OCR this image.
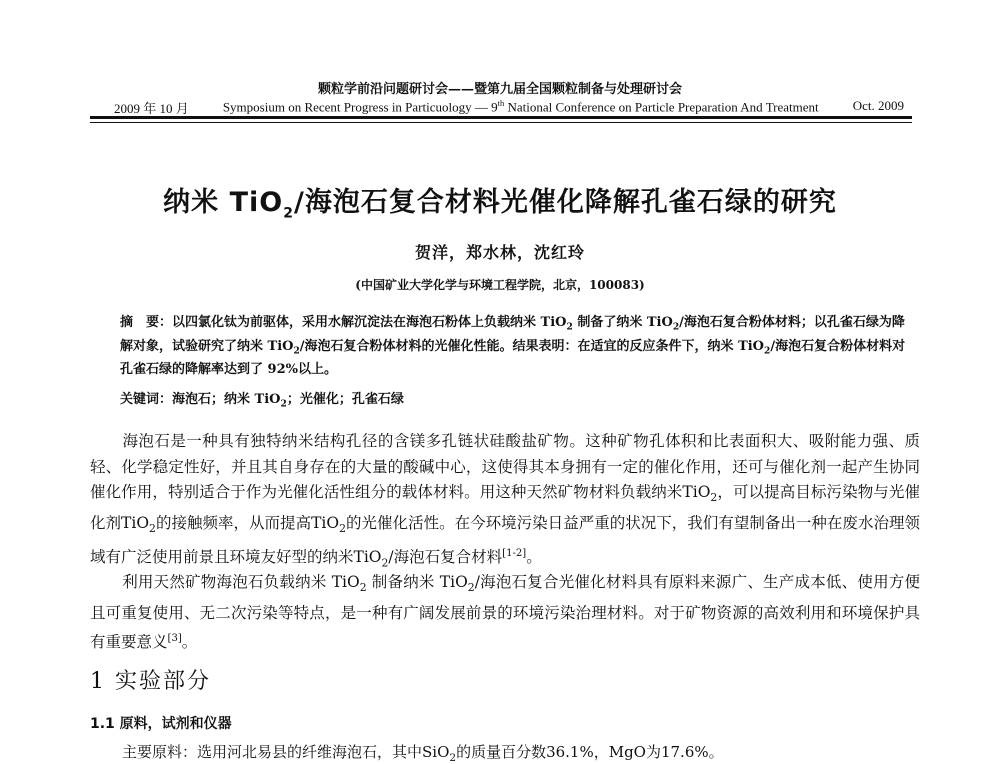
颗粒学前沿问题研讨会——暨第九届全国颗粒制备与处理研讨会
2009 年 10 月	Symposium on Recent Progress in Particuology — 9th National Conference on Particle Preparation And Treatment	Oct. 2009
纳米 TiO$_2$/海泡石复合材料光催化降解孔雀石绿的研究
贺洋，郑水林，沈红玲
(中国矿业大学化学与环境工程学院，北京，100083)
摘　要：以四氯化钛为前驱体，采用水解沉淀法在海泡石粉体上负载纳米 TiO$_2$ 制备了纳米 TiO$_2$/海泡石复合粉体材料；以孔雀石绿为降解对象，试验研究了纳米 TiO$_2$/海泡石复合粉体材料的光催化性能。结果表明：在适宜的反应条件下，纳米 TiO$_2$/海泡石复合粉体材料对孔雀石绿的降解率达到了 92%以上。
关键词：海泡石；纳米 TiO$_2$；光催化；孔雀石绿
海泡石是一种具有独特纳米结构孔径的含镁多孔链状硅酸盐矿物。这种矿物孔体积和比表面积大、吸附能力强、质轻、化学稳定性好，并且其自身存在的大量的酸碱中心，这使得其本身拥有一定的催化作用，还可与催化剂一起产生协同催化作用，特别适合于作为光催化活性组分的载体材料。用这种天然矿物材料负载纳米TiO$_2$，可以提高目标污染物与光催化剂TiO$_2$的接触频率，从而提高TiO$_2$的光催化活性。在今环境污染日益严重的状况下，我们有望制备出一种在废水治理领域有广泛使用前景且环境友好型的纳米TiO$_2$/海泡石复合材料[1-2]。
利用天然矿物海泡石负载纳米 TiO$_2$ 制备纳米 TiO$_2$/海泡石复合光催化材料具有原料来源广、生产成本低、使用方便且可重复使用、无二次污染等特点，是一种有广阔发展前景的环境污染治理材料。对于矿物资源的高效利用和环境保护具有重要意义[3]。
1 实验部分
1.1 原料，试剂和仪器
主要原料：选用河北易县的纤维海泡石，其中SiO$_2$的质量百分数36.1%，MgO为17.6%。
